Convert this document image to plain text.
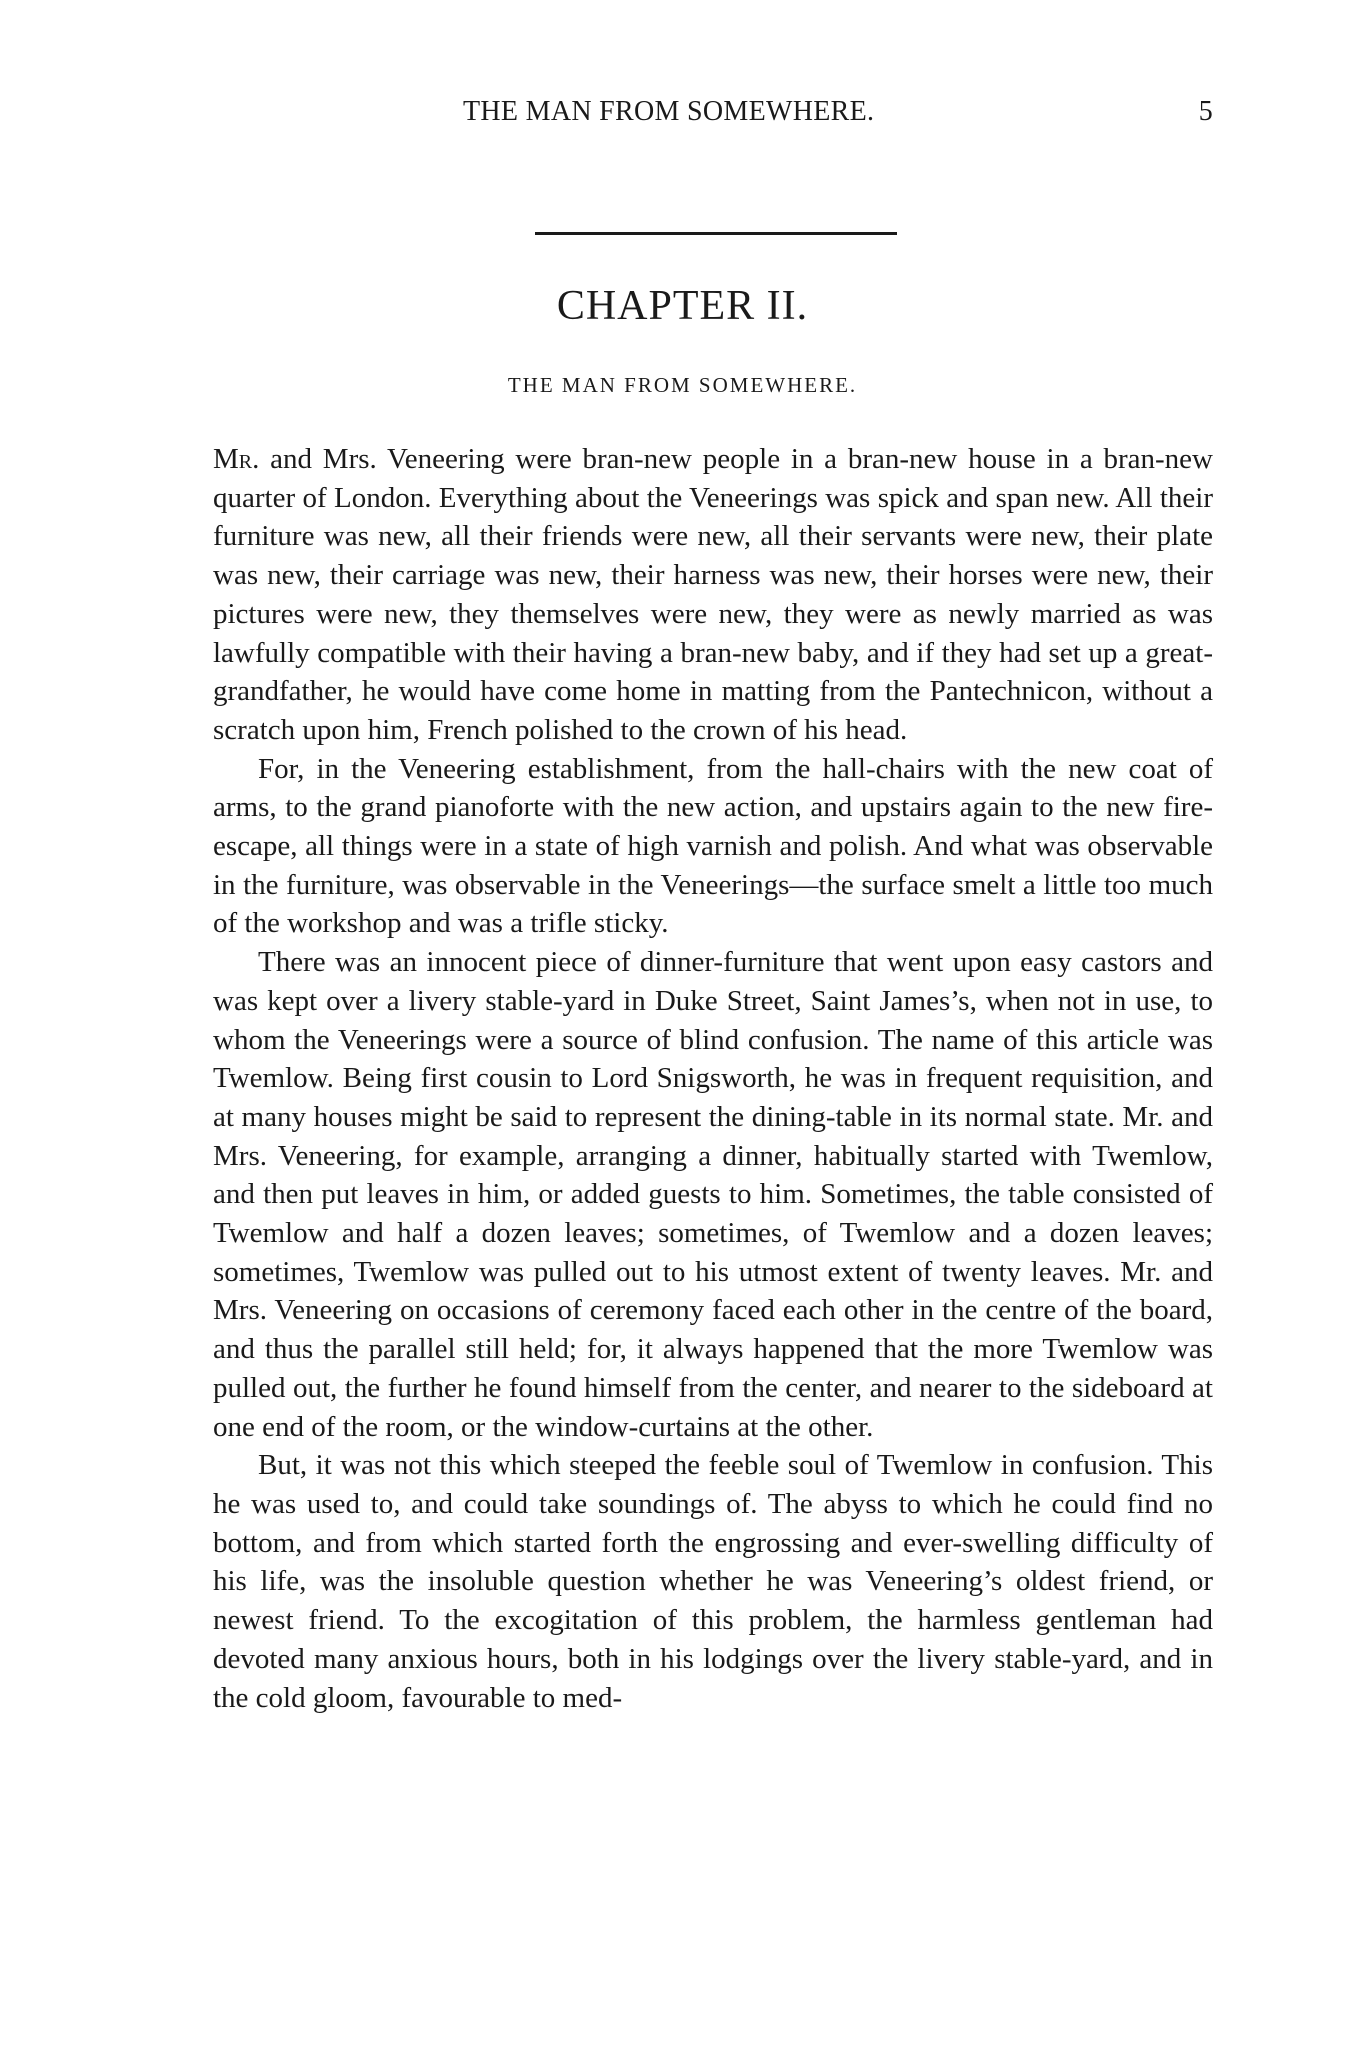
THE MAN FROM SOMEWHERE.	5
CHAPTER II.
THE MAN FROM SOMEWHERE.

Mr. and Mrs. Veneering were bran-new people in a bran-new house in a bran-new quarter of London. Everything about the Veneerings was spick and span new. All their furniture was new, all their friends were new, all their servants were new, their plate was new, their carriage was new, their harness was new, their horses were new, their pictures were new, they themselves were new, they were as newly married as was lawfully compatible with their having a bran-new baby, and if they had set up a great-grandfather, he would have come home in matting from the Pantechnicon, without a scratch upon him, French polished to the crown of his head.

For, in the Veneering establishment, from the hall-chairs with the new coat of arms, to the grand pianoforte with the new action, and upstairs again to the new fire-escape, all things were in a state of high varnish and polish. And what was observable in the furniture, was observable in the Veneerings—the surface smelt a little too much of the workshop and was a trifle sticky.

There was an innocent piece of dinner-furniture that went upon easy castors and was kept over a livery stable-yard in Duke Street, Saint James’s, when not in use, to whom the Veneerings were a source of blind confusion. The name of this article was Twemlow. Being first cousin to Lord Snigsworth, he was in frequent requisition, and at many houses might be said to represent the dining-table in its normal state. Mr. and Mrs. Veneering, for example, arranging a dinner, habitually started with Twemlow, and then put leaves in him, or added guests to him. Sometimes, the table consisted of Twemlow and half a dozen leaves; sometimes, of Twemlow and a dozen leaves; sometimes, Twemlow was pulled out to his utmost extent of twenty leaves. Mr. and Mrs. Veneering on occasions of ceremony faced each other in the centre of the board, and thus the parallel still held; for, it always happened that the more Twemlow was pulled out, the further he found himself from the center, and nearer to the sideboard at one end of the room, or the window-curtains at the other.

But, it was not this which steeped the feeble soul of Twemlow in confusion. This he was used to, and could take soundings of. The abyss to which he could find no bottom, and from which started forth the engrossing and ever-swelling difficulty of his life, was the insoluble question whether he was Veneering’s oldest friend, or newest friend. To the excogitation of this problem, the harmless gentleman had devoted many anxious hours, both in his lodgings over the livery stable-yard, and in the cold gloom, favourable to med-
